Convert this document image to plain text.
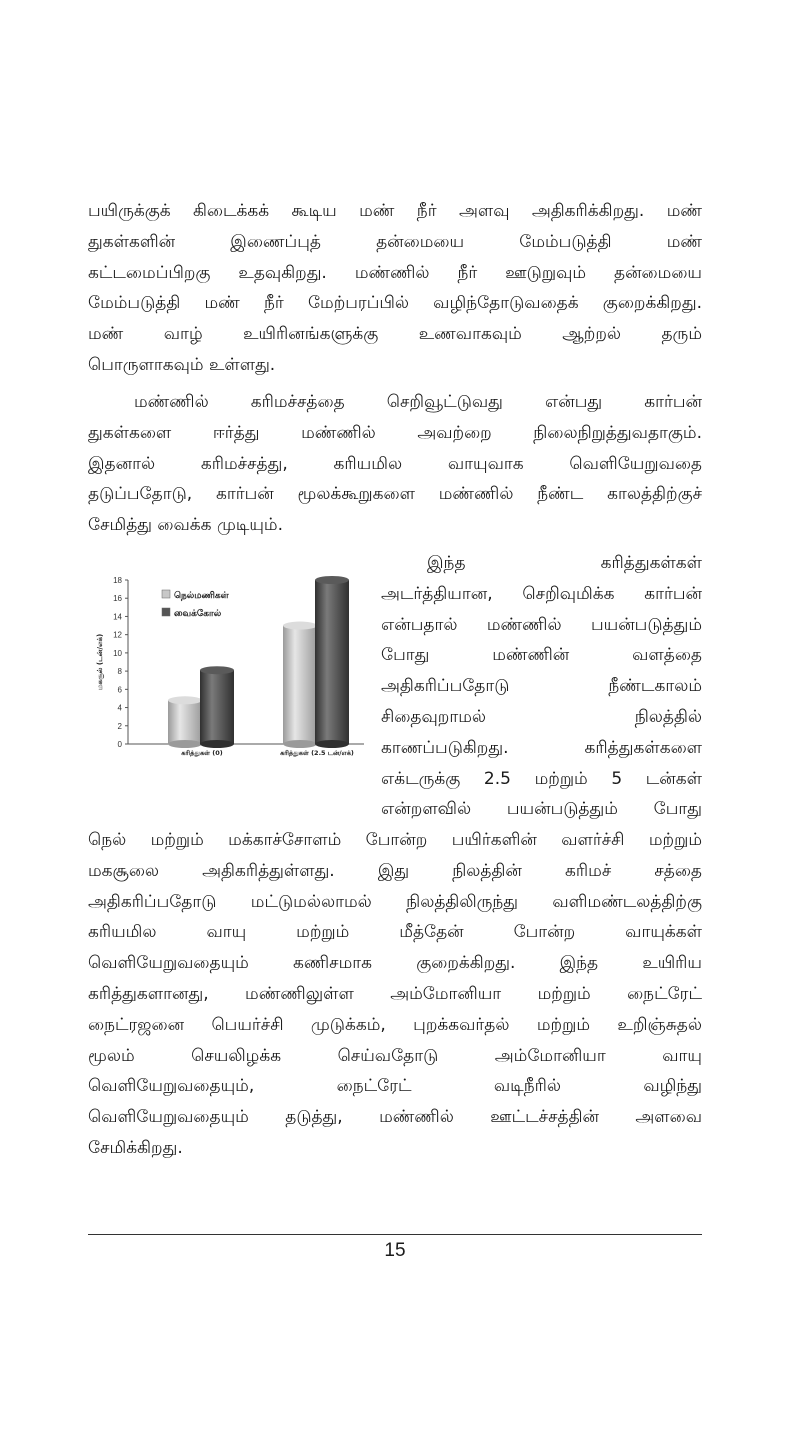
பயிருக்குக் கிடைக்கக் கூடிய மண் நீர் அளவு அதிகரிக்கிறது. மண்
துகள்களின் இணைப்புத் தன்மையை மேம்படுத்தி மண்
கட்டமைப்பிறகு உதவுகிறது. மண்ணில் நீர் ஊடுறுவும் தன்மையை
மேம்படுத்தி மண் நீர் மேற்பரப்பில் வழிந்தோடுவதைக் குறைக்கிறது.
மண் வாழ் உயிரினங்களுக்கு உணவாகவும் ஆற்றல் தரும்
பொருளாகவும் உள்ளது.
மண்ணில் கரிமச்சத்தை செறிவூட்டுவது என்பது கார்பன்
துகள்களை ஈர்த்து மண்ணில் அவற்றை நிலைநிறுத்துவதாகும்.
இதனால் கரிமச்சத்து, கரியமில வாயுவாக வெளியேறுவதை
தடுப்பதோடு, கார்பன் மூலக்கூறுகளை மண்ணில் நீண்ட காலத்திற்குச்
சேமித்து வைக்க முடியும்.
0
2
4
6
8
10
12
14
16
18
மகசூல் (டன்/எக்)
கரித்துகள் (0)	கரித்துகள் (2.5 டன்/எக்)
நெல்மணிகள்
வைக்கோல்
இந்த கரித்துகள்கள்
அடர்த்தியான, செறிவுமிக்க கார்பன்
என்பதால் மண்ணில் பயன்படுத்தும்
போது மண்ணின் வளத்தை
அதிகரிப்பதோடு நீண்டகாலம்
சிதைவுறாமல் நிலத்தில்
காணப்படுகிறது. கரித்துகள்களை
எக்டருக்கு 2.5 மற்றும் 5 டன்கள்
என்றளவில் பயன்படுத்தும் போது
நெல் மற்றும் மக்காச்சோளம் போன்ற பயிர்களின் வளர்ச்சி மற்றும்
மகசூலை அதிகரித்துள்ளது. இது நிலத்தின் கரிமச் சத்தை
அதிகரிப்பதோடு மட்டுமல்லாமல் நிலத்திலிருந்து வளிமண்டலத்திற்கு
கரியமில வாயு மற்றும் மீத்தேன் போன்ற வாயுக்கள்
வெளியேறுவதையும் கணிசமாக குறைக்கிறது. இந்த உயிரிய
கரித்துகளானது, மண்ணிலுள்ள அம்மோனியா மற்றும் நைட்ரேட்
நைட்ரஜனை பெயர்ச்சி முடுக்கம், புறக்கவர்தல் மற்றும் உறிஞ்சுதல்
மூலம் செயலிழக்க செய்வதோடு அம்மோனியா வாயு
வெளியேறுவதையும், நைட்ரேட் வடிநீரில் வழிந்து
வெளியேறுவதையும் தடுத்து, மண்ணில் ஊட்டச்சத்தின் அளவை
சேமிக்கிறது.
15
